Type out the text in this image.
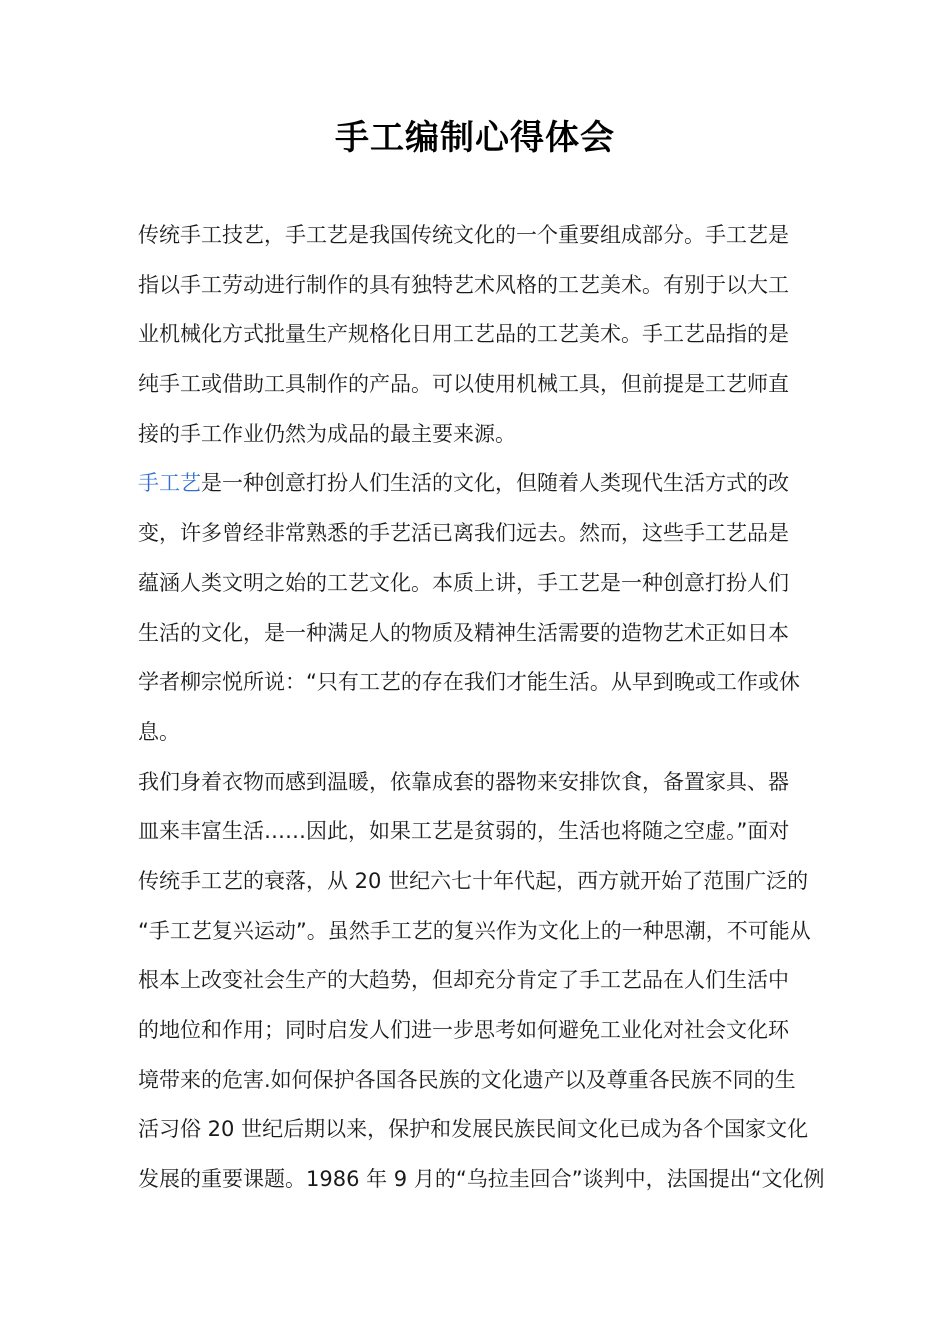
手工编制心得体会
传统手工技艺，手工艺是我国传统文化的一个重要组成部分。手工艺是
指以手工劳动进行制作的具有独特艺术风格的工艺美术。有别于以大工
业机械化方式批量生产规格化日用工艺品的工艺美术。手工艺品指的是
纯手工或借助工具制作的产品。可以使用机械工具，但前提是工艺师直
接的手工作业仍然为成品的最主要来源。
手工艺是一种创意打扮人们生活的文化，但随着人类现代生活方式的改
变，许多曾经非常熟悉的手艺活已离我们远去。然而，这些手工艺品是
蕴涵人类文明之始的工艺文化。本质上讲，手工艺是一种创意打扮人们
生活的文化，是一种满足人的物质及精神生活需要的造物艺术正如日本
学者柳宗悦所说：“只有工艺的存在我们才能生活。从早到晚或工作或休
息。
我们身着衣物而感到温暖，依靠成套的器物来安排饮食，备置家具、器
皿来丰富生活……因此，如果工艺是贫弱的，生活也将随之空虚。”面对
传统手工艺的衰落，从 20 世纪六七十年代起，西方就开始了范围广泛的
“手工艺复兴运动”。虽然手工艺的复兴作为文化上的一种思潮，不可能从
根本上改变社会生产的大趋势，但却充分肯定了手工艺品在人们生活中
的地位和作用；同时启发人们进一步思考如何避免工业化对社会文化环
境带来的危害.如何保护各国各民族的文化遗产以及尊重各民族不同的生
活习俗 20 世纪后期以来，保护和发展民族民间文化已成为各个国家文化
发展的重要课题。1986 年 9 月的“乌拉圭回合”谈判中，法国提出“文化例
